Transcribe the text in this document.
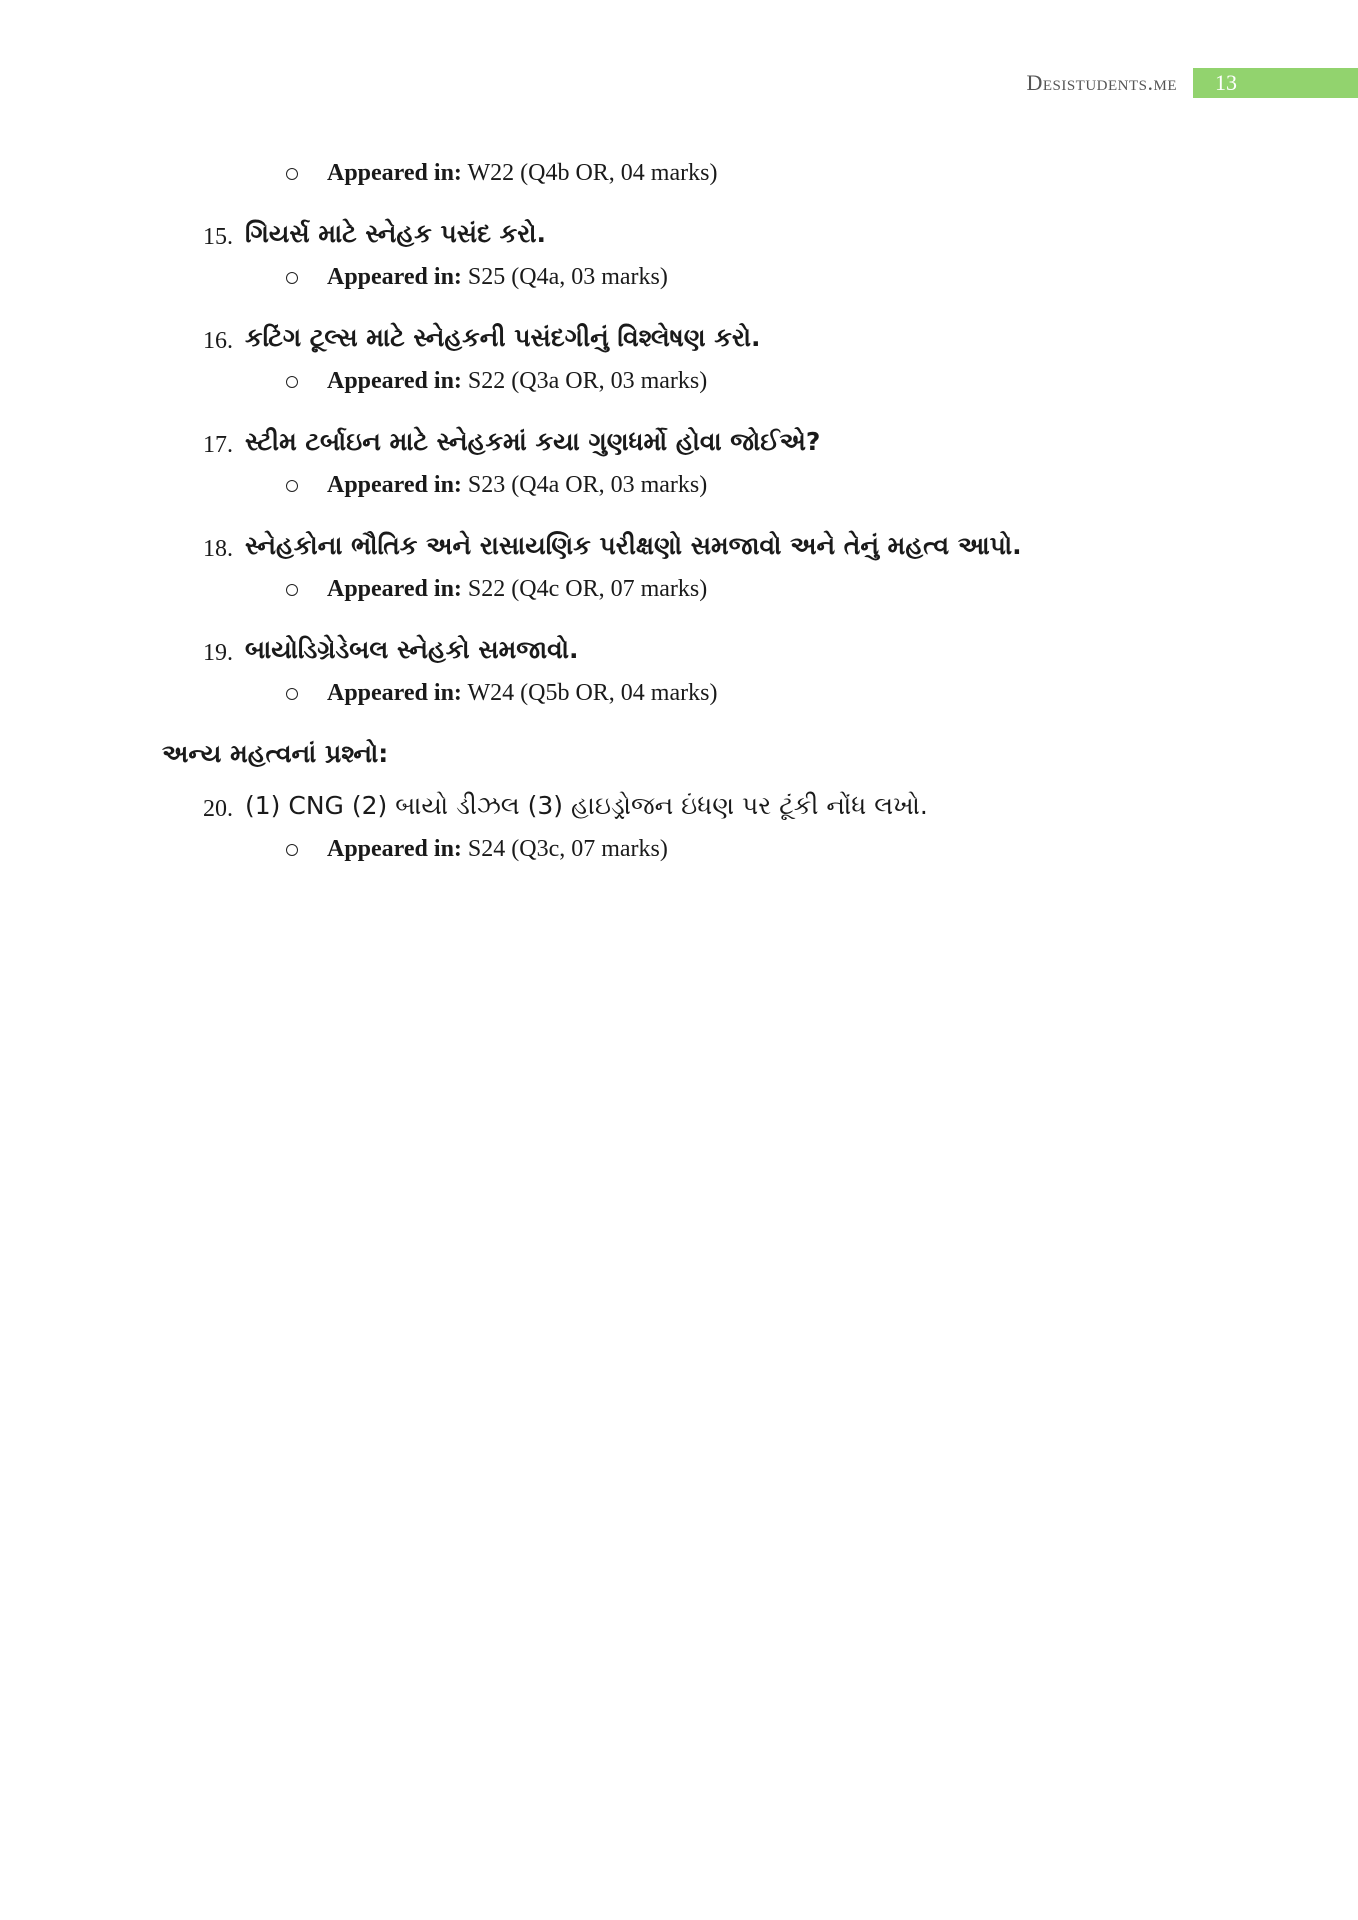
Desistudents.me	13
Appeared in: W22 (Q4b OR, 04 marks)
15. ગિયર્સ માટે સ્નેહક પસંદ કરો.
Appeared in: S25 (Q4a, 03 marks)
16. કટિંગ ટૂલ્સ માટે સ્નેહકની પસંદગીનું વિશ્લેષણ કરો.
Appeared in: S22 (Q3a OR, 03 marks)
17. સ્ટીમ ટર્બાઇન માટે સ્નેહકમાં કયા ગુણધર્મો હોવા જોઈએ?
Appeared in: S23 (Q4a OR, 03 marks)
18. સ્નેહકોના ભૌતિક અને રાસાયણિક પરીક્ષણો સમજાવો અને તેનું મહત્વ આપો.
Appeared in: S22 (Q4c OR, 07 marks)
19. બાયોડિગ્રેડેબલ સ્નેહકો સમજાવો.
Appeared in: W24 (Q5b OR, 04 marks)
અન્ય મહત્વનાં પ્રશ્નો:
20. (1) CNG (2) બાયો ડીઝલ (3) હાઇડ્રોજન ઇંધણ પર ટૂંકી નોંધ લખો.
Appeared in: S24 (Q3c, 07 marks)
